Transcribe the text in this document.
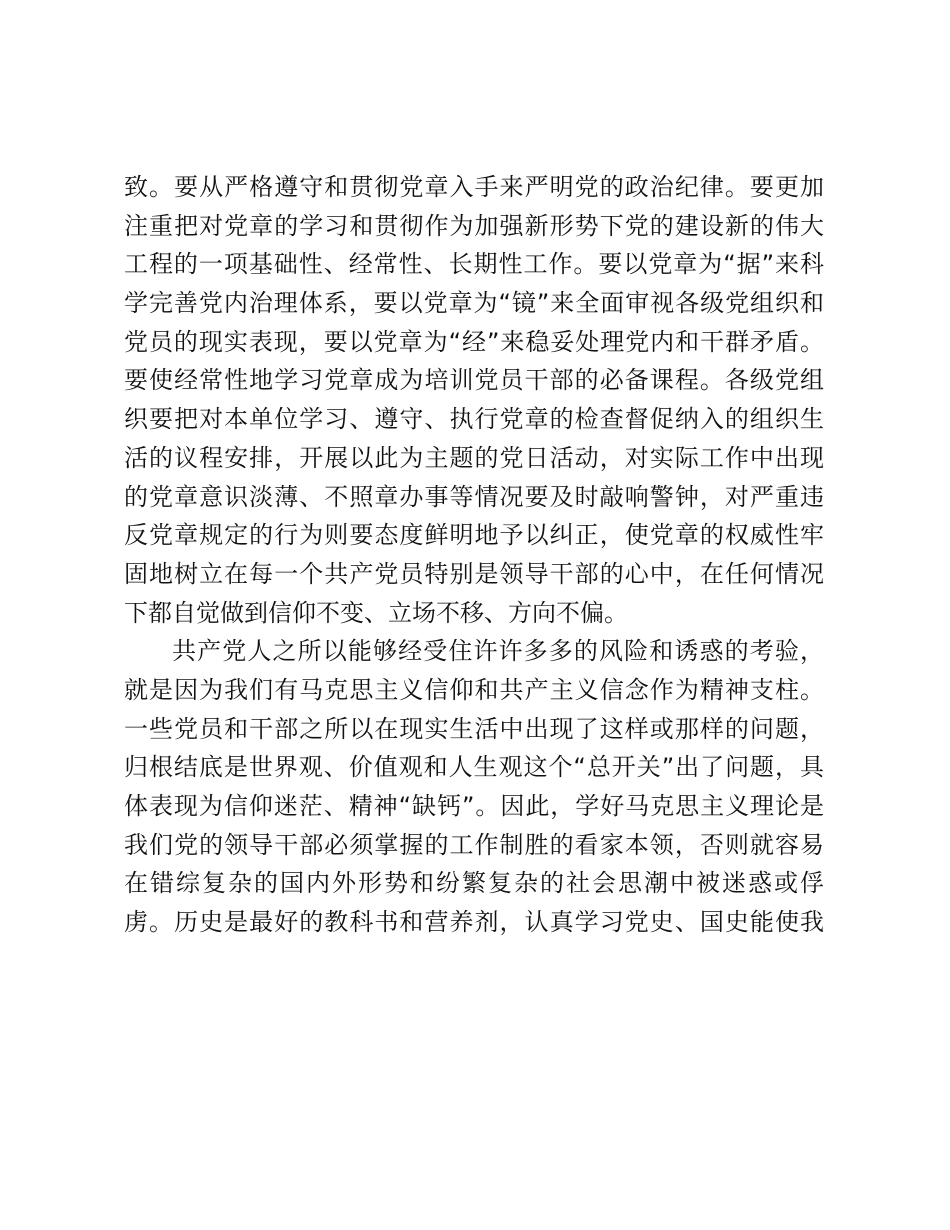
致。要从严格遵守和贯彻党章入手来严明党的政治纪律。要更加
注重把对党章的学习和贯彻作为加强新形势下党的建设新的伟大
工程的一项基础性、经常性、长期性工作。要以党章为“据”来科
学完善党内治理体系，要以党章为“镜”来全面审视各级党组织和
党员的现实表现，要以党章为“经”来稳妥处理党内和干群矛盾。
要使经常性地学习党章成为培训党员干部的必备课程。各级党组
织要把对本单位学习、遵守、执行党章的检查督促纳入的组织生
活的议程安排，开展以此为主题的党日活动，对实际工作中出现
的党章意识淡薄、不照章办事等情况要及时敲响警钟，对严重违
反党章规定的行为则要态度鲜明地予以纠正，使党章的权威性牢
固地树立在每一个共产党员特别是领导干部的心中，在任何情况
下都自觉做到信仰不变、立场不移、方向不偏。
共产党人之所以能够经受住许许多多的风险和诱惑的考验，
就是因为我们有马克思主义信仰和共产主义信念作为精神支柱。
一些党员和干部之所以在现实生活中出现了这样或那样的问题，
归根结底是世界观、价值观和人生观这个“总开关”出了问题，具
体表现为信仰迷茫、精神“缺钙”。因此，学好马克思主义理论是
我们党的领导干部必须掌握的工作制胜的看家本领，否则就容易
在错综复杂的国内外形势和纷繁复杂的社会思潮中被迷惑或俘
虏。历史是最好的教科书和营养剂，认真学习党史、国史能使我
